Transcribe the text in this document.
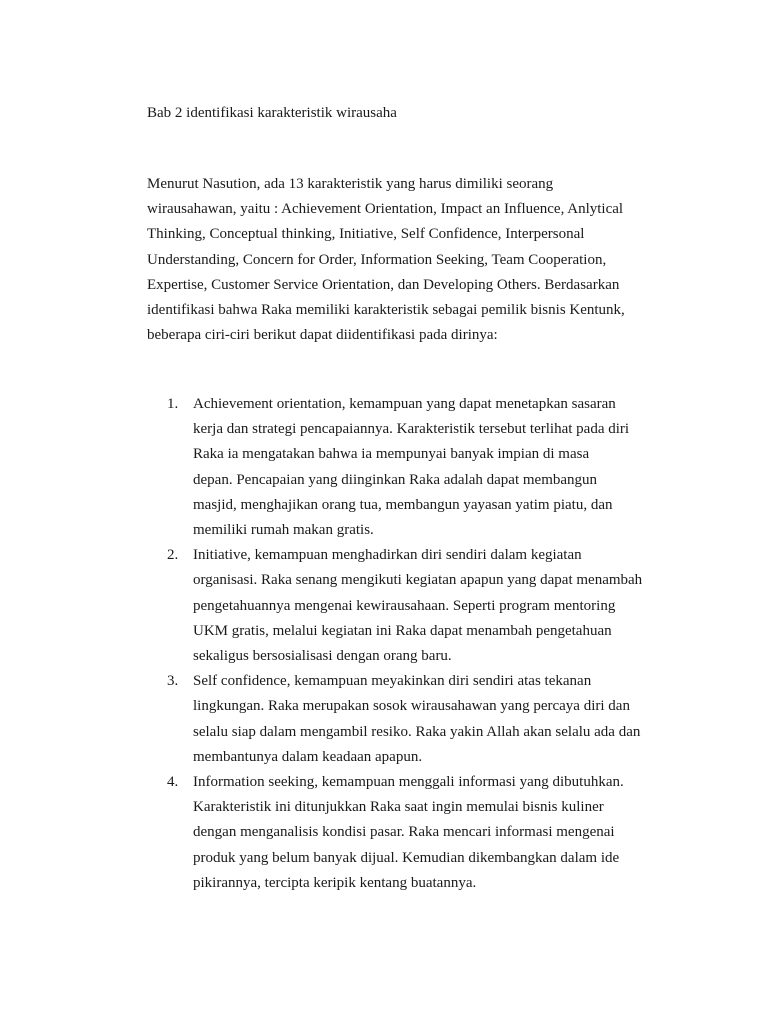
Bab 2 identifikasi karakteristik wirausaha

Menurut Nasution, ada 13 karakteristik yang harus dimiliki seorang
wirausahawan, yaitu : Achievement Orientation, Impact an Influence, Anlytical
Thinking, Conceptual thinking, Initiative, Self Confidence, Interpersonal
Understanding, Concern for Order, Information Seeking, Team Cooperation,
Expertise, Customer Service Orientation, dan Developing Others. Berdasarkan
identifikasi bahwa Raka memiliki karakteristik sebagai pemilik bisnis Kentunk,
beberapa ciri-ciri berikut dapat diidentifikasi pada dirinya:

1. Achievement orientation, kemampuan yang dapat menetapkan sasaran
kerja dan strategi pencapaiannya. Karakteristik tersebut terlihat pada diri
Raka ia mengatakan bahwa ia mempunyai banyak impian di masa
depan. Pencapaian yang diinginkan Raka adalah dapat membangun
masjid, menghajikan orang tua, membangun yayasan yatim piatu, dan
memiliki rumah makan gratis.
2. Initiative, kemampuan menghadirkan diri sendiri dalam kegiatan
organisasi. Raka senang mengikuti kegiatan apapun yang dapat menambah
pengetahuannya mengenai kewirausahaan. Seperti program mentoring
UKM gratis, melalui kegiatan ini Raka dapat menambah pengetahuan
sekaligus bersosialisasi dengan orang baru.
3. Self confidence, kemampuan meyakinkan diri sendiri atas tekanan
lingkungan. Raka merupakan sosok wirausahawan yang percaya diri dan
selalu siap dalam mengambil resiko. Raka yakin Allah akan selalu ada dan
membantunya dalam keadaan apapun.
4. Information seeking, kemampuan menggali informasi yang dibutuhkan.
Karakteristik ini ditunjukkan Raka saat ingin memulai bisnis kuliner
dengan menganalisis kondisi pasar. Raka mencari informasi mengenai
produk yang belum banyak dijual. Kemudian dikembangkan dalam ide
pikirannya, tercipta keripik kentang buatannya.
